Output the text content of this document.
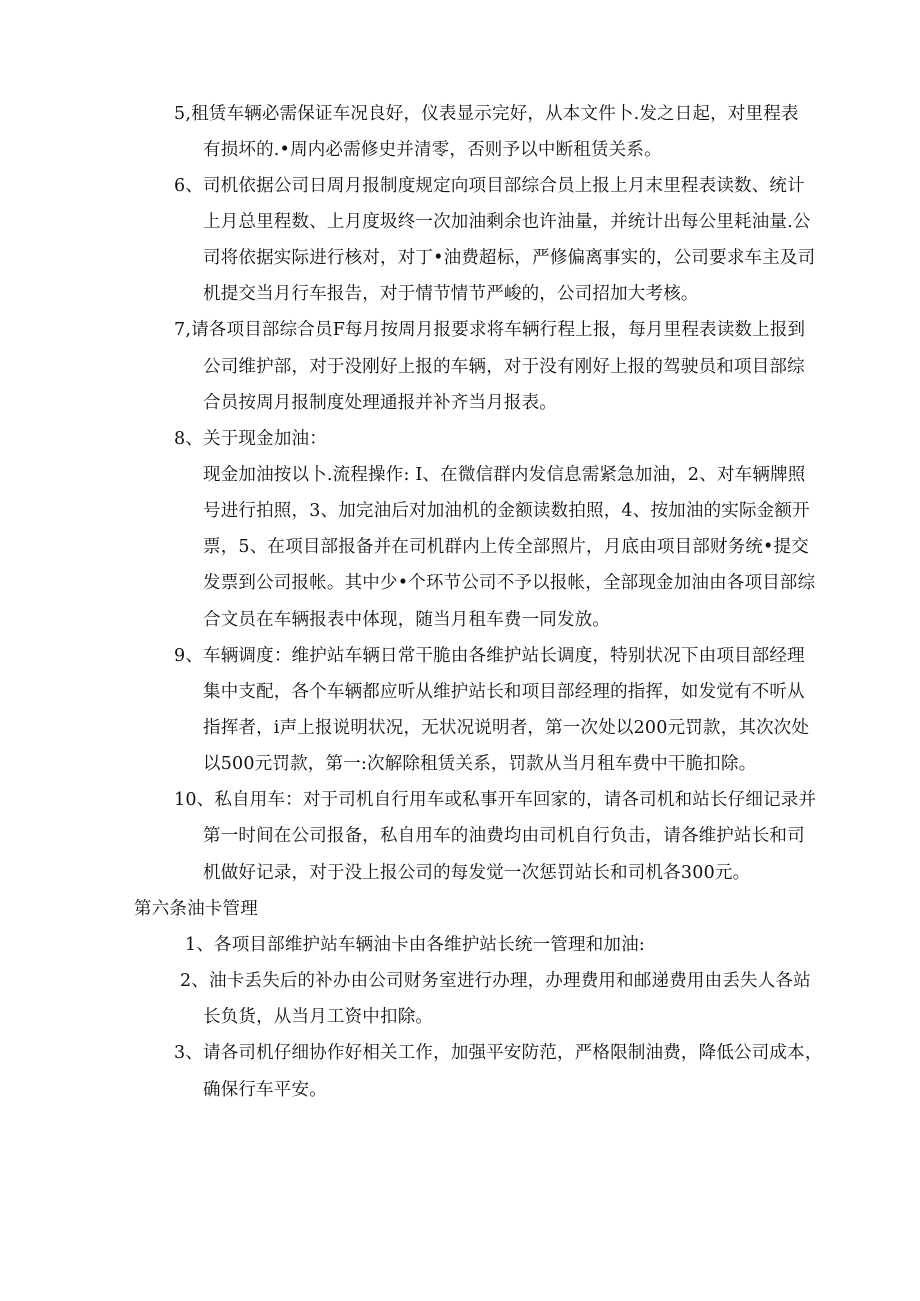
5,租赁车辆必需保证车况良好，仪表显示完好，从本文件卜.发之日起，对里程表
有损坏的.•周内必需修史并清零，否则予以中断租赁关系。
6、司机依据公司日周月报制度规定向项目部综合员上报上月末里程表读数、统计
上月总里程数、上月度圾终一次加油剩余也许油量，并统计出每公里耗油量.公
司将依据实际进行核对，对丁•油费超标，严修偏离事实的，公司要求车主及司
机提交当月行车报告，对于情节情节严峻的，公司招加大考核。
7,请各项目部综合员F每月按周月报要求将车辆行程上报，每月里程表读数上报到
公司维护部，对于没刚好上报的车辆，对于没有刚好上报的驾驶员和项目部综
合员按周月报制度处理通报并补齐当月报表。
8、关于现金加油：
现金加油按以卜.流程操作: I、在微信群内发信息需紧急加油，2、对车辆牌照
号进行拍照，3、加完油后对加油机的金额读数拍照，4、按加油的实际金额开
票，5、在项目部报备并在司机群内上传全部照片，月底由项目部财务统•提交
发票到公司报帐。其中少•个环节公司不予以报帐，全部现金加油由各项目部综
合文员在车辆报表中体现，随当月租车费一同发放。
9、车辆调度：维护站车辆日常干脆由各维护站长调度，特别状况下由项目部经理
集中支配，各个车辆都应听从维护站长和项目部经理的指挥，如发觉有不听从
指挥者，i声上报说明状况，无状况说明者，第一次处以200元罚款，其次次处
以500元罚款，第一:次解除租赁关系，罚款从当月租车费中干脆扣除。
10、私自用车：对于司机自行用车或私事开车回家的，请各司机和站长仔细记录并
第一时间在公司报备，私自用车的油费均由司机自行负击，请各维护站长和司
机做好记录，对于没上报公司的每发觉一次惩罚站长和司机各300元。
第六条油卡管理
1、各项目部维护站车辆油卡由各维护站长统一管理和加油:
2、油卡丢失后的补办由公司财务室进行办理，办理费用和邮递费用由丢失人各站
长负货，从当月工资中扣除。
3、请各司机仔细协作好相关工作，加强平安防范，严格限制油费，降低公司成本，
确保行车平安。
